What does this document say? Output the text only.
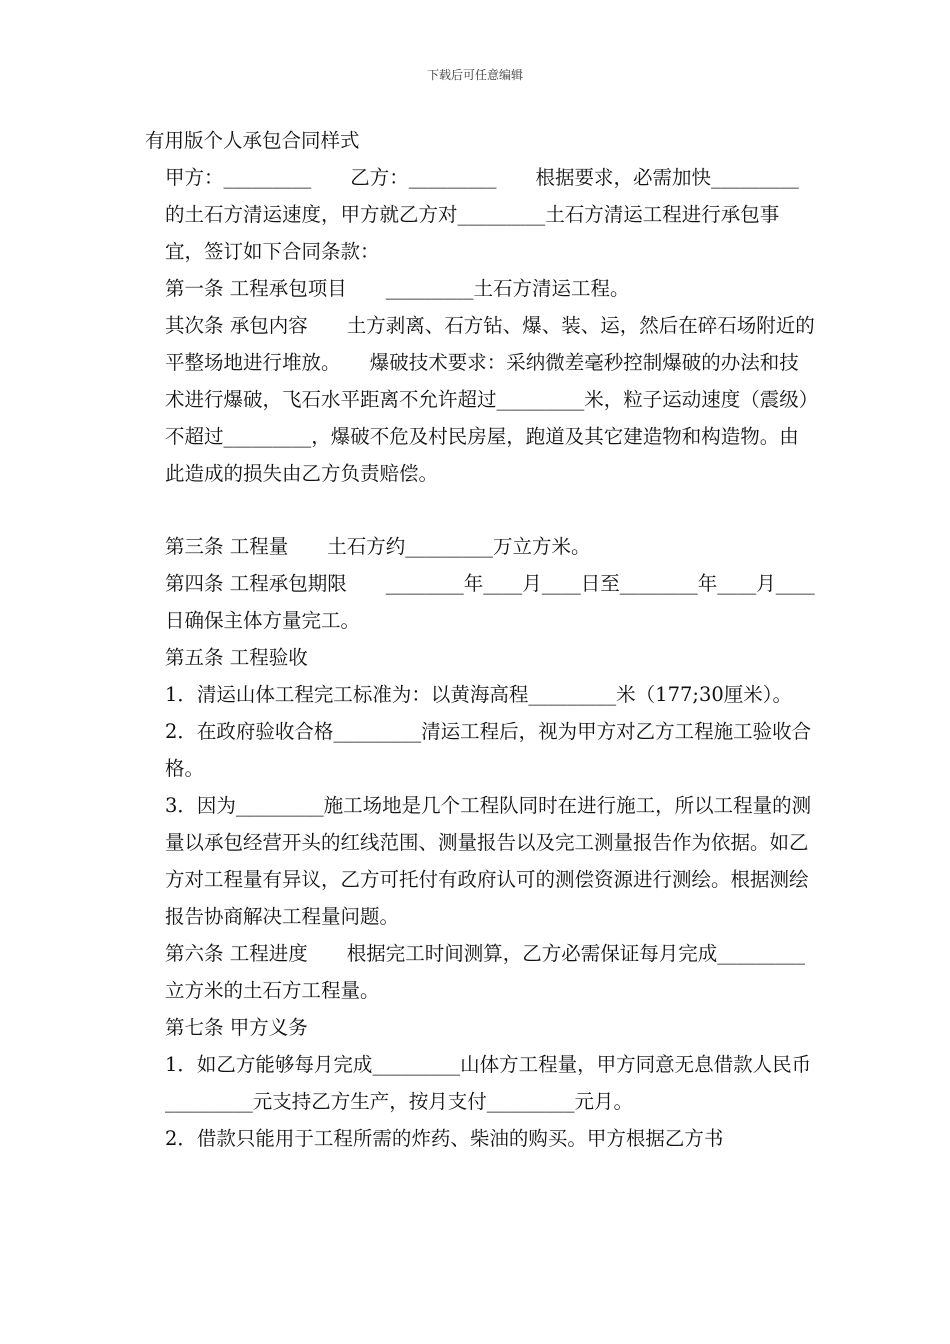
下载后可任意编辑

有用版个人承包合同样式

甲方：_________　　乙方：_________　　根据要求，必需加快_________的土石方清运速度，甲方就乙方对_________土石方清运工程进行承包事宜，签订如下合同条款：

第一条 工程承包项目　　_________土石方清运工程。

其次条 承包内容　　土方剥离、石方钻、爆、装、运，然后在碎石场附近的平整场地进行堆放。　　爆破技术要求：采纳微差毫秒控制爆破的办法和技术进行爆破，飞石水平距离不允许超过_________米，粒子运动速度（震级）不超过_________，爆破不危及村民房屋，跑道及其它建造物和构造物。由此造成的损失由乙方负责赔偿。

第三条 工程量　　土石方约_________万立方米。

第四条 工程承包期限　　________年____月____日至________年____月____日确保主体方量完工。

第五条 工程验收

1．清运山体工程完工标准为：以黄海高程_________米（177;30厘米）。

2．在政府验收合格_________清运工程后，视为甲方对乙方工程施工验收合格。

3．因为_________施工场地是几个工程队同时在进行施工，所以工程量的测量以承包经营开头的红线范围、测量报告以及完工测量报告作为依据。如乙方对工程量有异议，乙方可托付有政府认可的测偿资源进行测绘。根据测绘报告协商解决工程量问题。

第六条 工程进度　　根据完工时间测算，乙方必需保证每月完成_________立方米的土石方工程量。

第七条 甲方义务

1．如乙方能够每月完成_________山体方工程量，甲方同意无息借款人民币_________元支持乙方生产，按月支付_________元月。

2．借款只能用于工程所需的炸药、柴油的购买。甲方根据乙方书
